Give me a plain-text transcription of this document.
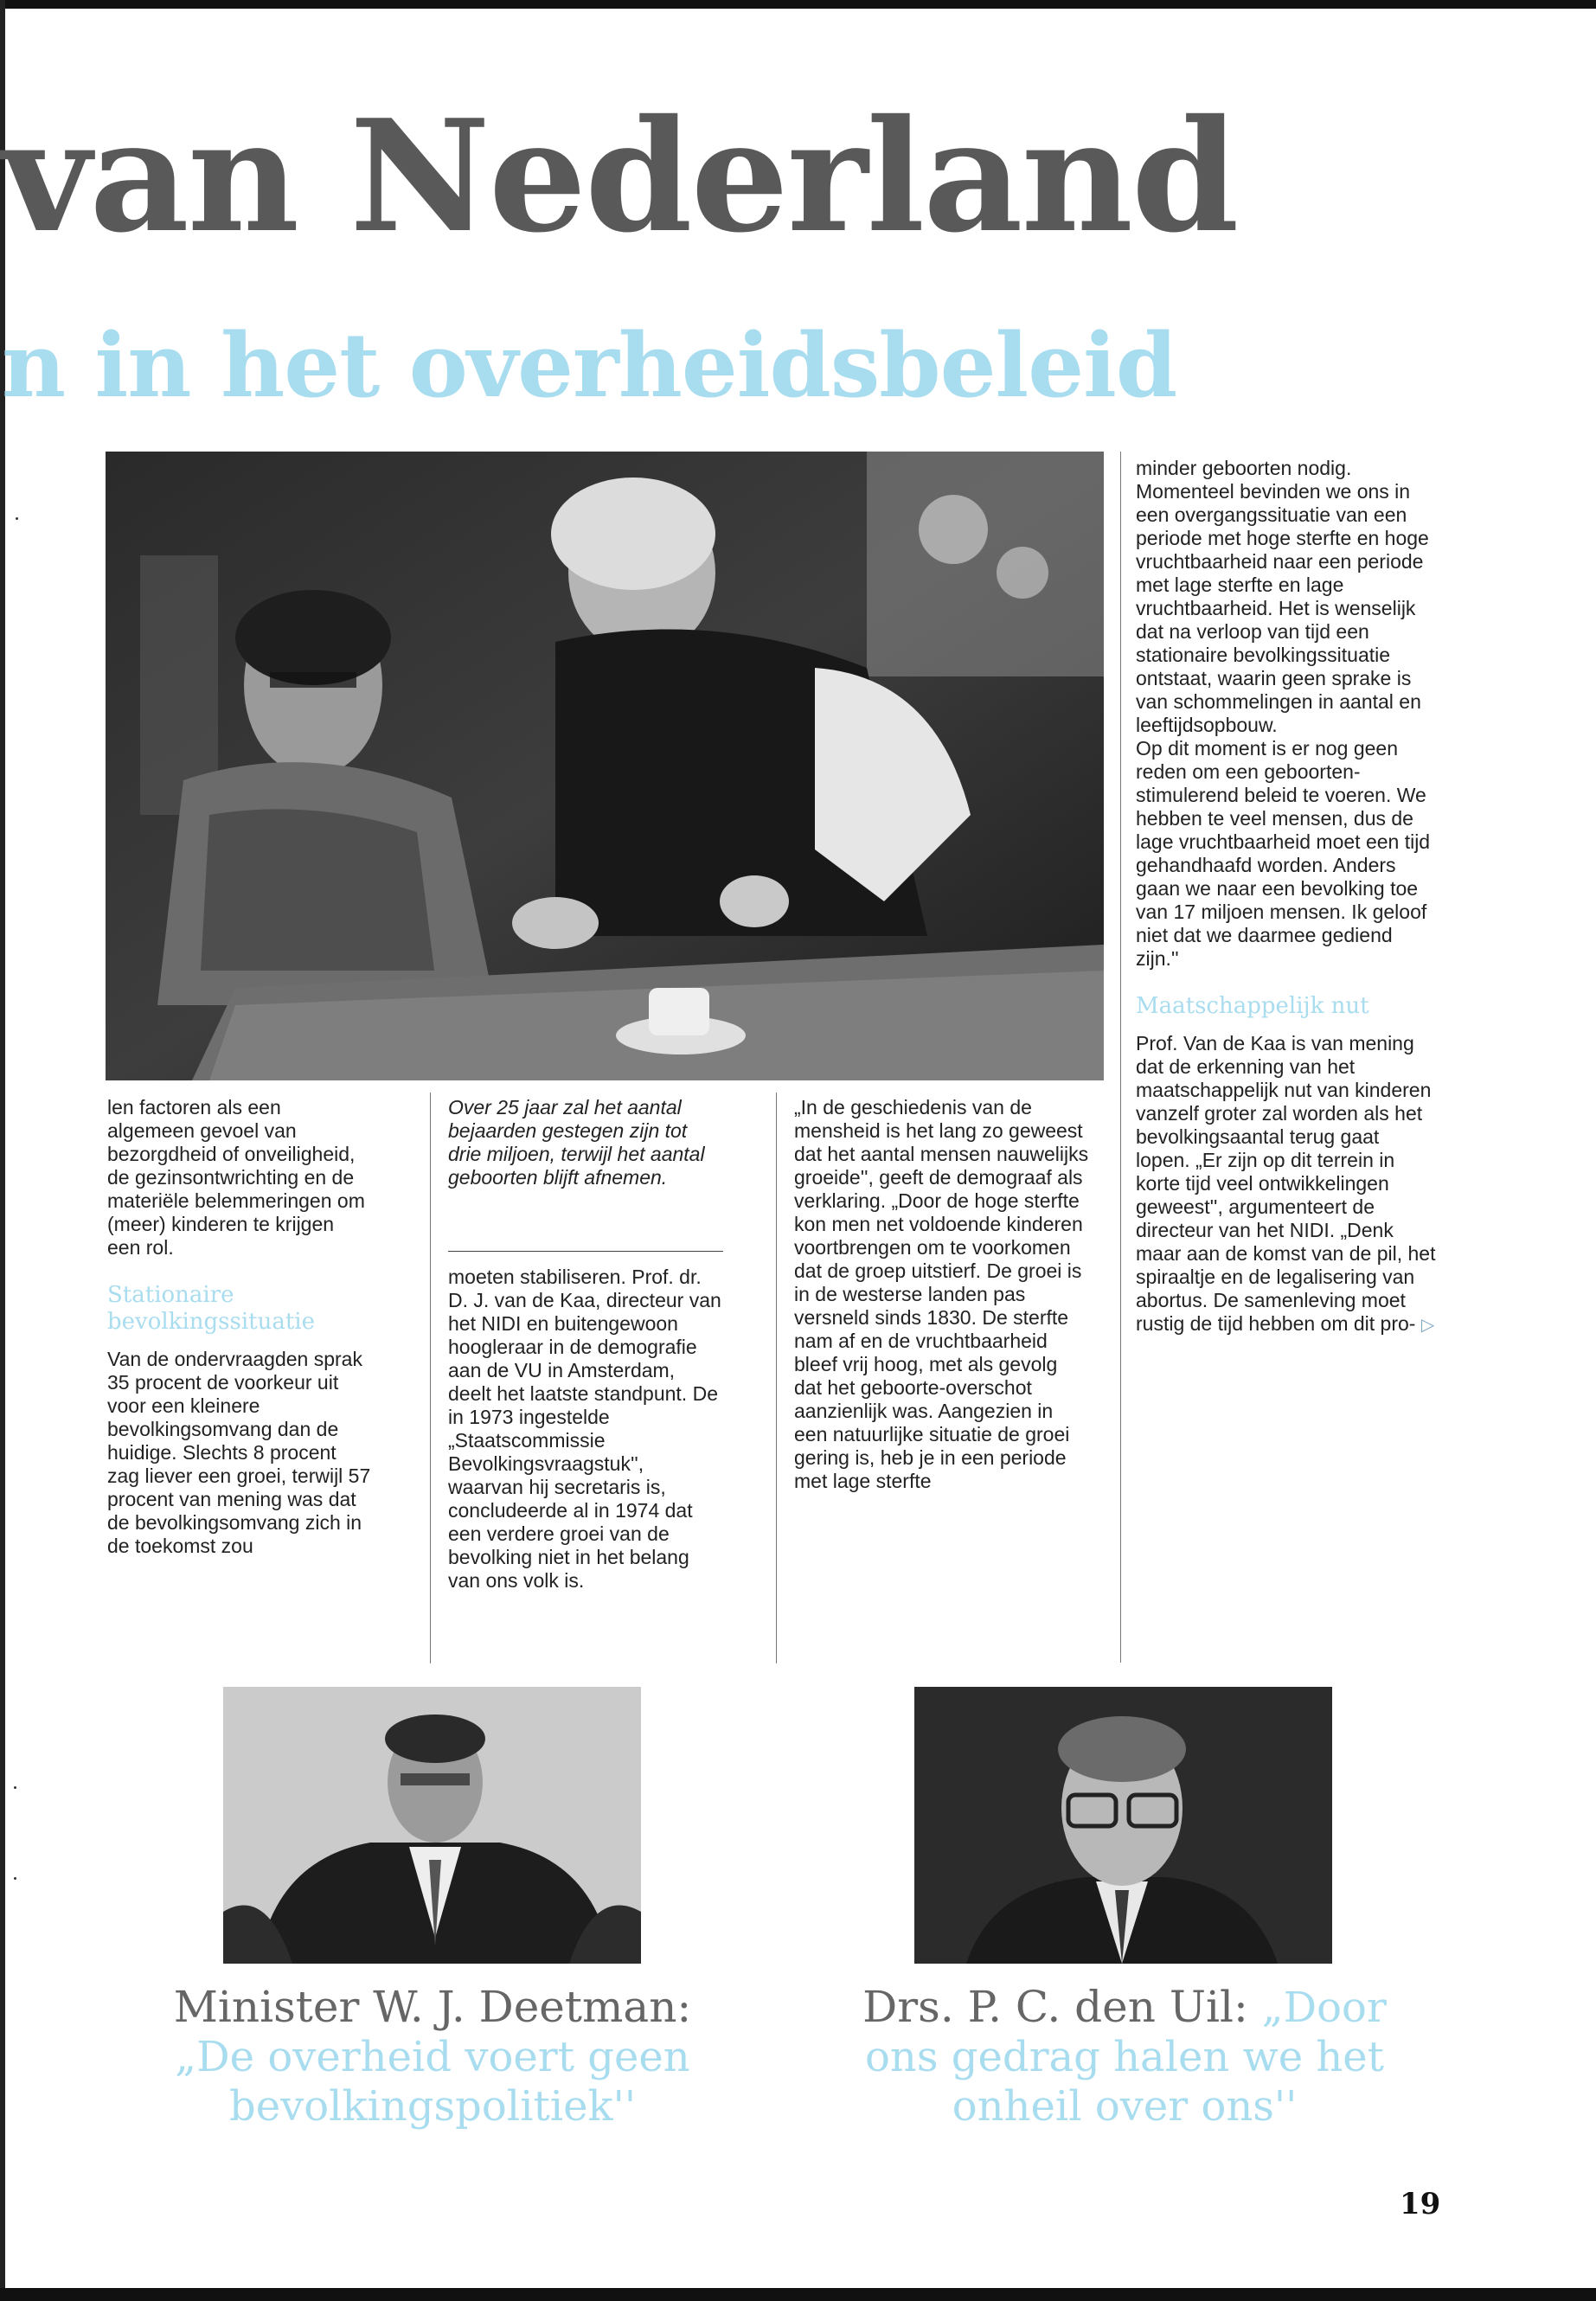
van Nederland
n in het overheidsbeleid

len factoren als een algemeen gevoel van bezorgdheid of onveiligheid, de gezinsontwrichting en de materiële belemmeringen om (meer) kinderen te krijgen een rol.

Stationaire bevolkingssituatie

Van de ondervraagden sprak 35 procent de voorkeur uit voor een kleinere bevolkingsomvang dan de huidige. Slechts 8 procent zag liever een groei, terwijl 57 procent van mening was dat de bevolkingsomvang zich in de toekomst zou

Over 25 jaar zal het aantal bejaarden gestegen zijn tot drie miljoen, terwijl het aantal geboorten blijft afnemen.

moeten stabiliseren. Prof. dr. D. J. van de Kaa, directeur van het NIDI en buitengewoon hoogleraar in de demografie aan de VU in Amsterdam, deelt het laatste standpunt. De in 1973 ingestelde „Staatscommissie Bevolkingsvraagstuk'', waarvan hij secretaris is, concludeerde al in 1974 dat een verdere groei van de bevolking niet in het belang van ons volk is.

„In de geschiedenis van de mensheid is het lang zo geweest dat het aantal mensen nauwelijks groeide'', geeft de demograaf als verklaring. „Door de hoge sterfte kon men net voldoende kinderen voortbrengen om te voorkomen dat de groep uitstierf. De groei is in de westerse landen pas versneld sinds 1830. De sterfte nam af en de vruchtbaarheid bleef vrij hoog, met als gevolg dat het geboorte-overschot aanzienlijk was. Aangezien in een natuurlijke situatie de groei gering is, heb je in een periode met lage sterfte

minder geboorten nodig. Momenteel bevinden we ons in een overgangssituatie van een periode met hoge sterfte en hoge vruchtbaarheid naar een periode met lage sterfte en lage vruchtbaarheid. Het is wenselijk dat na verloop van tijd een stationaire bevolkingssituatie ontstaat, waarin geen sprake is van schommelingen in aantal en leeftijdsopbouw.

Op dit moment is er nog geen reden om een geboorten-stimulerend beleid te voeren. We hebben te veel mensen, dus de lage vruchtbaarheid moet een tijd gehandhaafd worden. Anders gaan we naar een bevolking toe van 17 miljoen mensen. Ik geloof niet dat we daarmee gediend zijn.''

Maatschappelijk nut

Prof. Van de Kaa is van mening dat de erkenning van het maatschappelijk nut van kinderen vanzelf groter zal worden als het bevolkingsaantal terug gaat lopen. „Er zijn op dit terrein in korte tijd veel ontwikkelingen geweest'', argumenteert de directeur van het NIDI. „Denk maar aan de komst van de pil, het spiraaltje en de legalisering van abortus. De samenleving moet rustig de tijd hebben om dit pro- ▷

Minister W. J. Deetman:
„De overheid voert geen bevolkingspolitiek''

Drs. P. C. den Uil: „Door
ons gedrag halen we het onheil over ons''

19
